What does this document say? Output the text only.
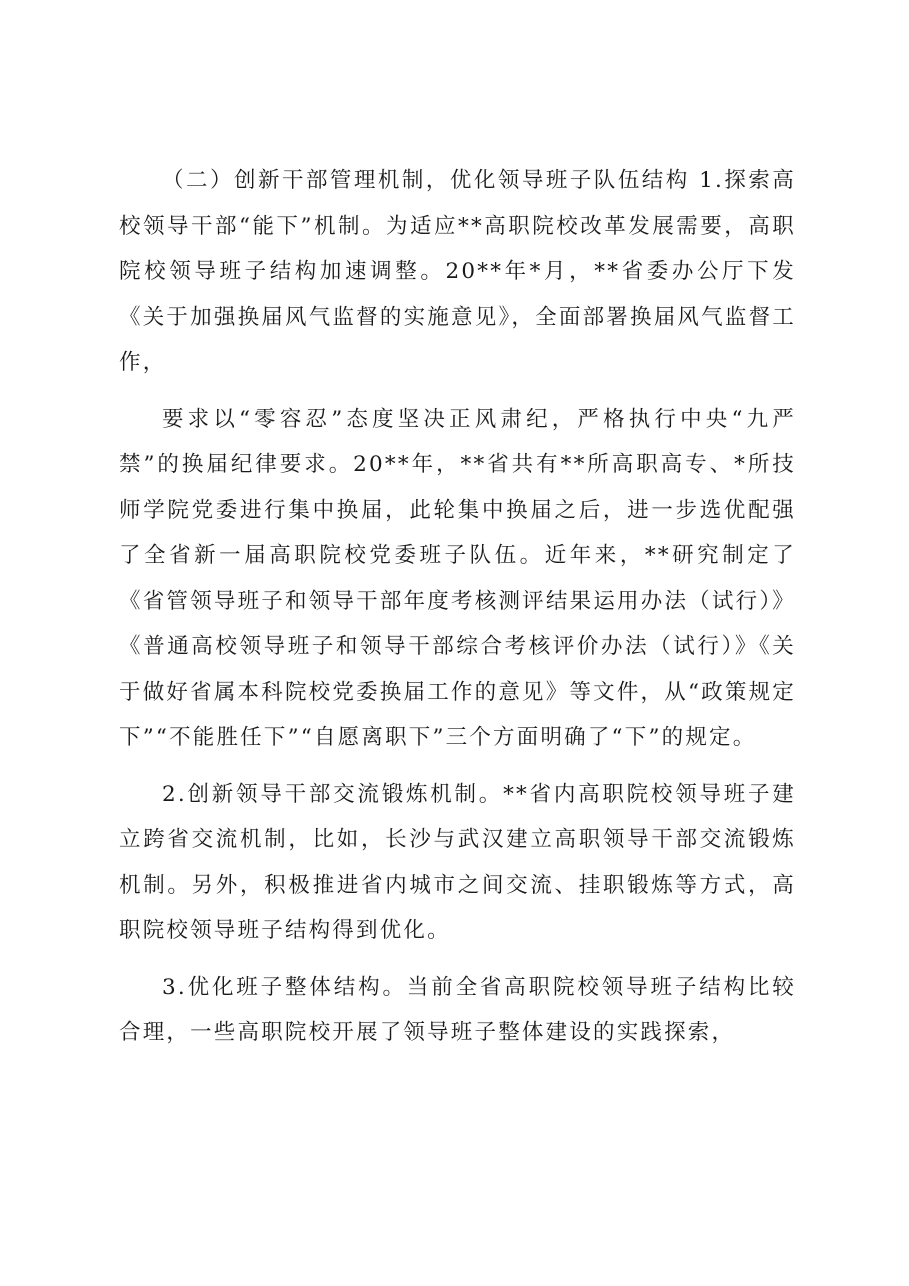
（二）创新干部管理机制，优化领导班子队伍结构 1.探索高校领导干部“能下”机制。为适应**高职院校改革发展需要，高职院校领导班子结构加速调整。20**年*月，**省委办公厅下发《关于加强换届风气监督的实施意见》，全面部署换届风气监督工作，

要求以“零容忍”态度坚决正风肃纪，严格执行中央“九严禁”的换届纪律要求。20**年，**省共有**所高职高专、*所技师学院党委进行集中换届，此轮集中换届之后，进一步选优配强了全省新一届高职院校党委班子队伍。近年来，**研究制定了《省管领导班子和领导干部年度考核测评结果运用办法（试行）》《普通高校领导班子和领导干部综合考核评价办法（试行）》《关于做好省属本科院校党委换届工作的意见》等文件，从“政策规定下”“不能胜任下”“自愿离职下”三个方面明确了“下”的规定。

2.创新领导干部交流锻炼机制。**省内高职院校领导班子建立跨省交流机制，比如，长沙与武汉建立高职领导干部交流锻炼机制。另外，积极推进省内城市之间交流、挂职锻炼等方式，高职院校领导班子结构得到优化。

3.优化班子整体结构。当前全省高职院校领导班子结构比较合理，一些高职院校开展了领导班子整体建设的实践探索，
